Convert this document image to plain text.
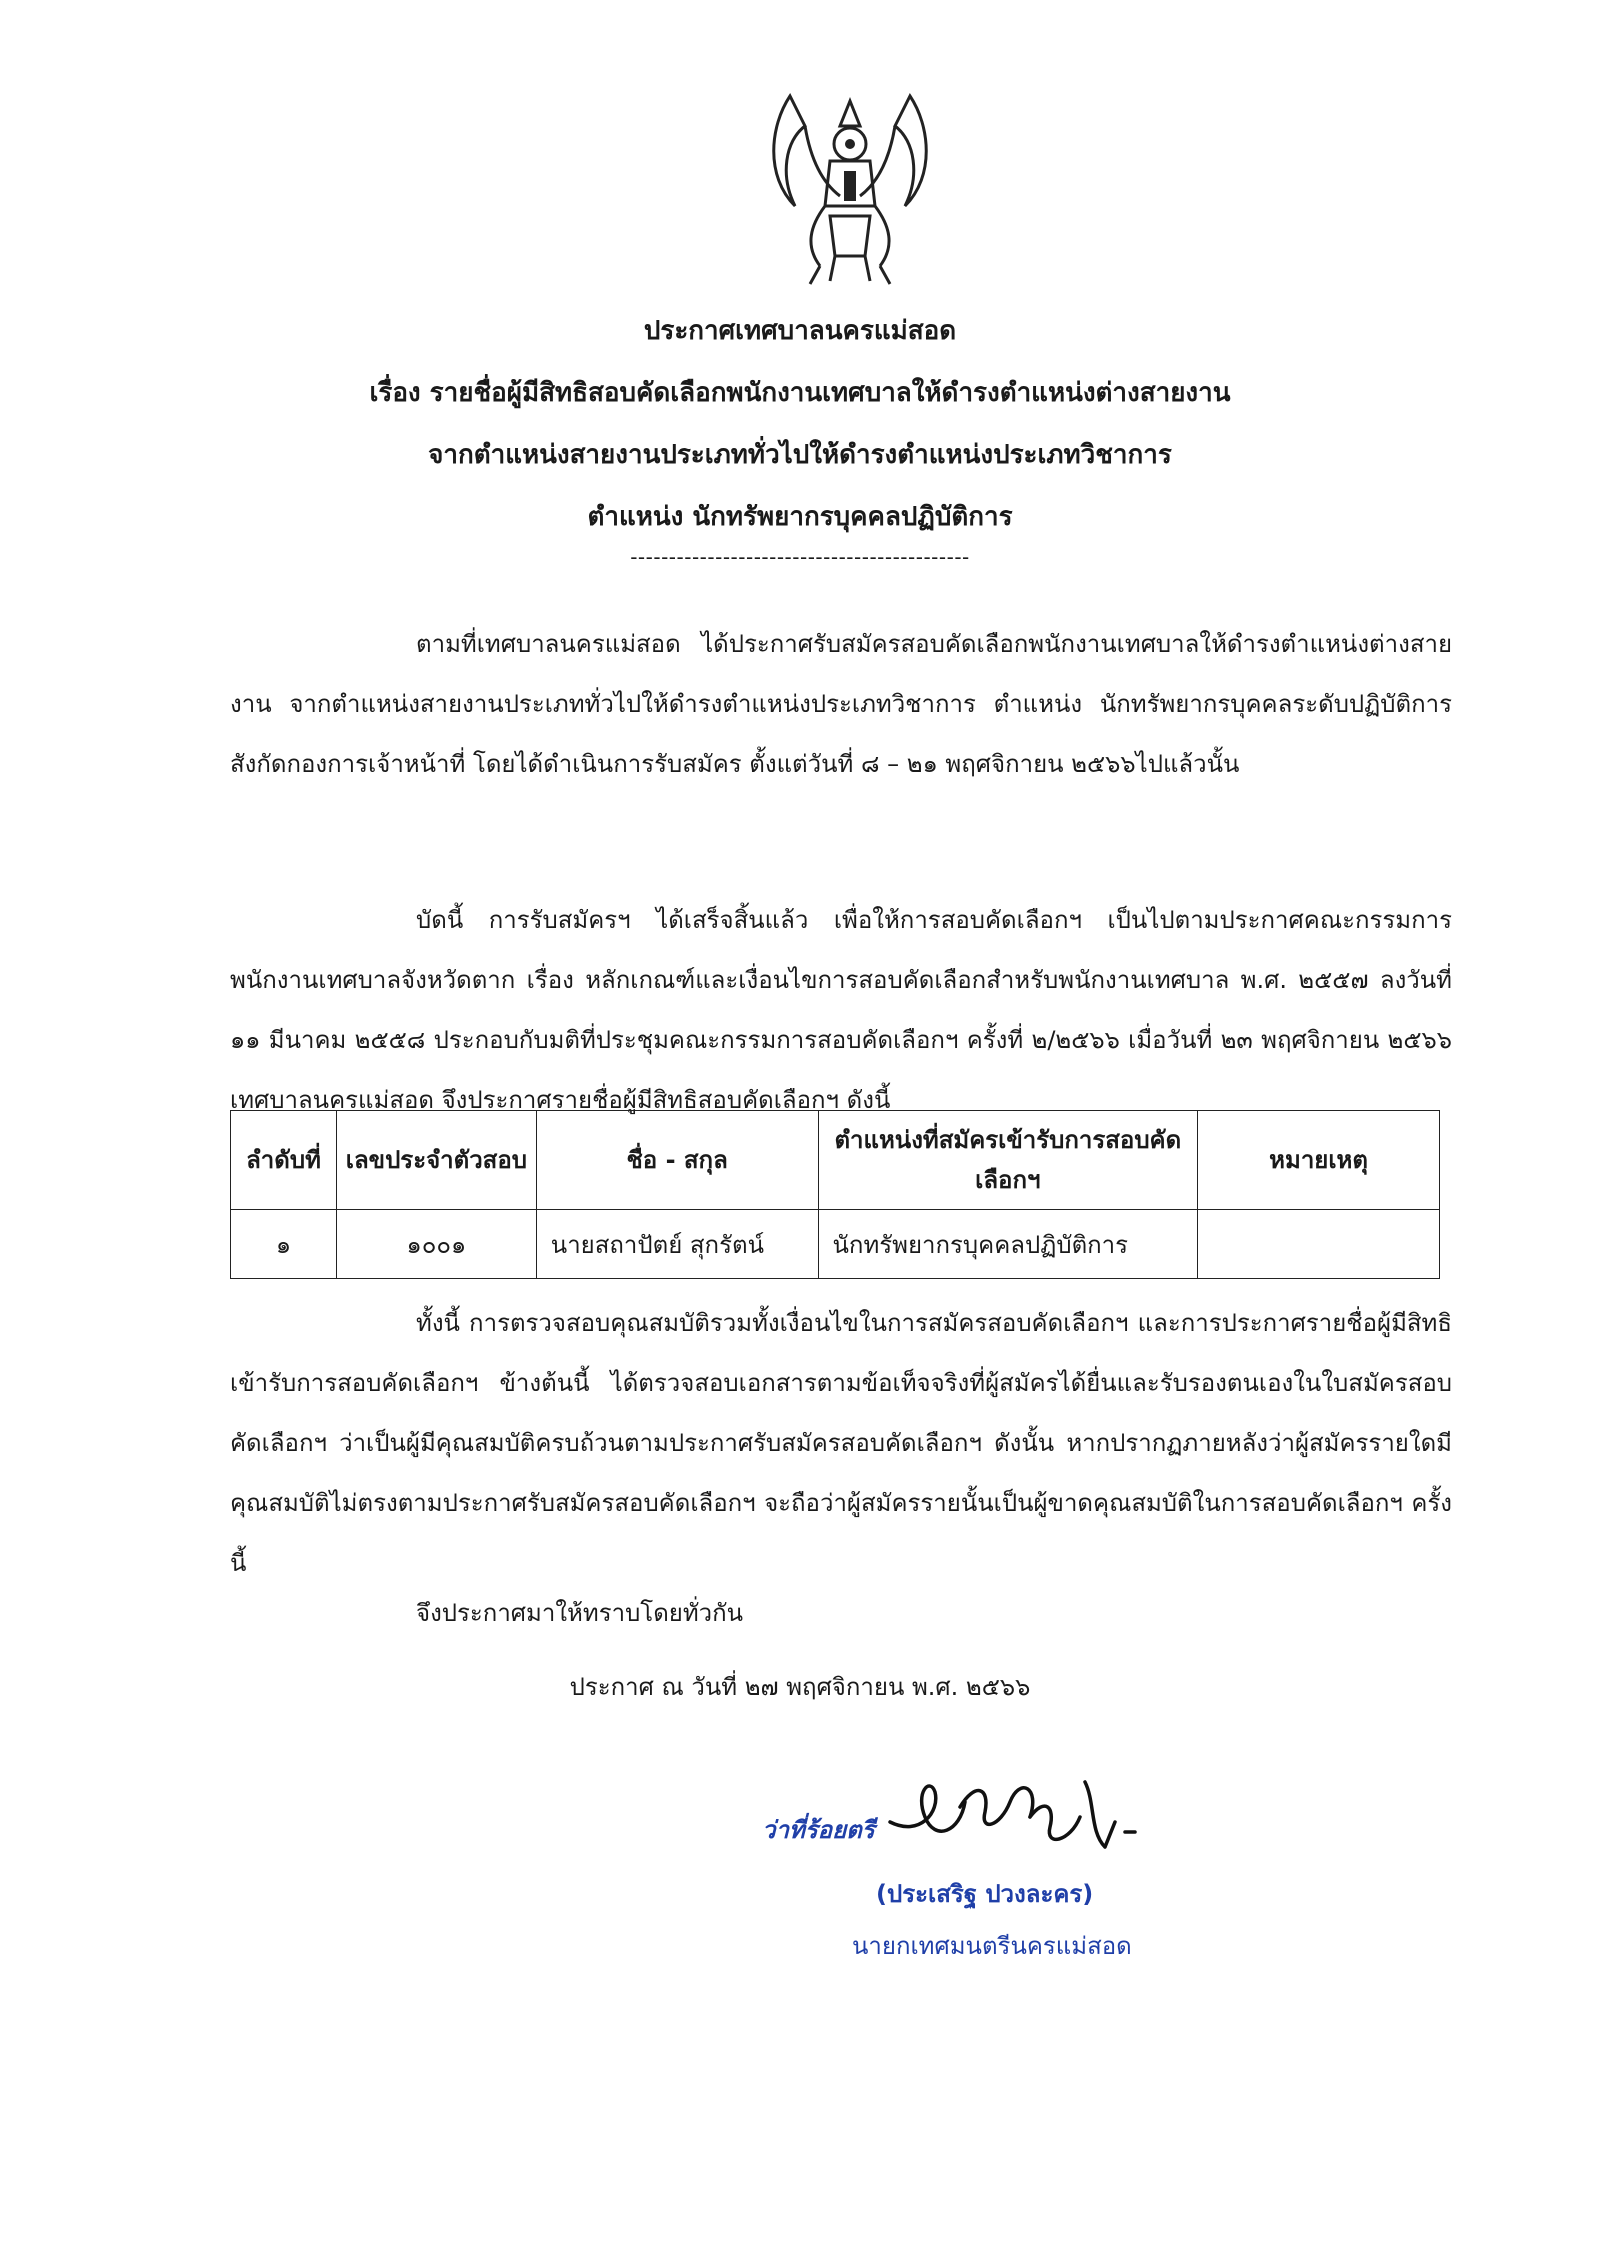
ประกาศเทศบาลนครแม่สอด
เรื่อง รายชื่อผู้มีสิทธิสอบคัดเลือกพนักงานเทศบาลให้ดำรงตำแหน่งต่างสายงาน
จากตำแหน่งสายงานประเภททั่วไปให้ดำรงตำแหน่งประเภทวิชาการ
ตำแหน่ง นักทรัพยากรบุคคลปฏิบัติการ
--------------------------------------------
ตามที่เทศบาลนครแม่สอด ได้ประกาศรับสมัครสอบคัดเลือกพนักงานเทศบาลให้ดำรงตำแหน่งต่างสายงาน จากตำแหน่งสายงานประเภททั่วไปให้ดำรงตำแหน่งประเภทวิชาการ ตำแหน่ง นักทรัพยากรบุคคลระดับปฏิบัติการ สังกัดกองการเจ้าหน้าที่ โดยได้ดำเนินการรับสมัคร ตั้งแต่วันที่ ๘ – ๒๑ พฤศจิกายน ๒๕๖๖ไปแล้วนั้น
บัดนี้ การรับสมัครฯ ได้เสร็จสิ้นแล้ว เพื่อให้การสอบคัดเลือกฯ เป็นไปตามประกาศคณะกรรมการพนักงานเทศบาลจังหวัดตาก เรื่อง หลักเกณฑ์และเงื่อนไขการสอบคัดเลือกสำหรับพนักงานเทศบาล พ.ศ. ๒๕๕๗ ลงวันที่ ๑๑ มีนาคม ๒๕๕๘ ประกอบกับมติที่ประชุมคณะกรรมการสอบคัดเลือกฯ ครั้งที่ ๒/๒๕๖๖ เมื่อวันที่ ๒๓ พฤศจิกายน ๒๕๖๖ เทศบาลนครแม่สอด จึงประกาศรายชื่อผู้มีสิทธิสอบคัดเลือกฯ ดังนี้
ลำดับที่	เลขประจำตัวสอบ	ชื่อ - สกุล	ตำแหน่งที่สมัครเข้ารับการสอบคัดเลือกฯ	หมายเหตุ
๑	๑๐๐๑	นายสถาปัตย์ สุกรัตน์	นักทรัพยากรบุคคลปฏิบัติการ	
ทั้งนี้ การตรวจสอบคุณสมบัติรวมทั้งเงื่อนไขในการสมัครสอบคัดเลือกฯ และการประกาศรายชื่อผู้มีสิทธิเข้ารับการสอบคัดเลือกฯ ข้างต้นนี้ ได้ตรวจสอบเอกสารตามข้อเท็จจริงที่ผู้สมัครได้ยื่นและรับรองตนเองในใบสมัครสอบคัดเลือกฯ ว่าเป็นผู้มีคุณสมบัติครบถ้วนตามประกาศรับสมัครสอบคัดเลือกฯ ดังนั้น หากปรากฏภายหลังว่าผู้สมัครรายใดมีคุณสมบัติไม่ตรงตามประกาศรับสมัครสอบคัดเลือกฯ จะถือว่าผู้สมัครรายนั้นเป็นผู้ขาดคุณสมบัติในการสอบคัดเลือกฯ ครั้งนี้
จึงประกาศมาให้ทราบโดยทั่วกัน
ประกาศ ณ วันที่ ๒๗ พฤศจิกายน พ.ศ. ๒๕๖๖
ว่าที่ร้อยตรี
(ประเสริฐ ปวงละคร)
นายกเทศมนตรีนครแม่สอด
